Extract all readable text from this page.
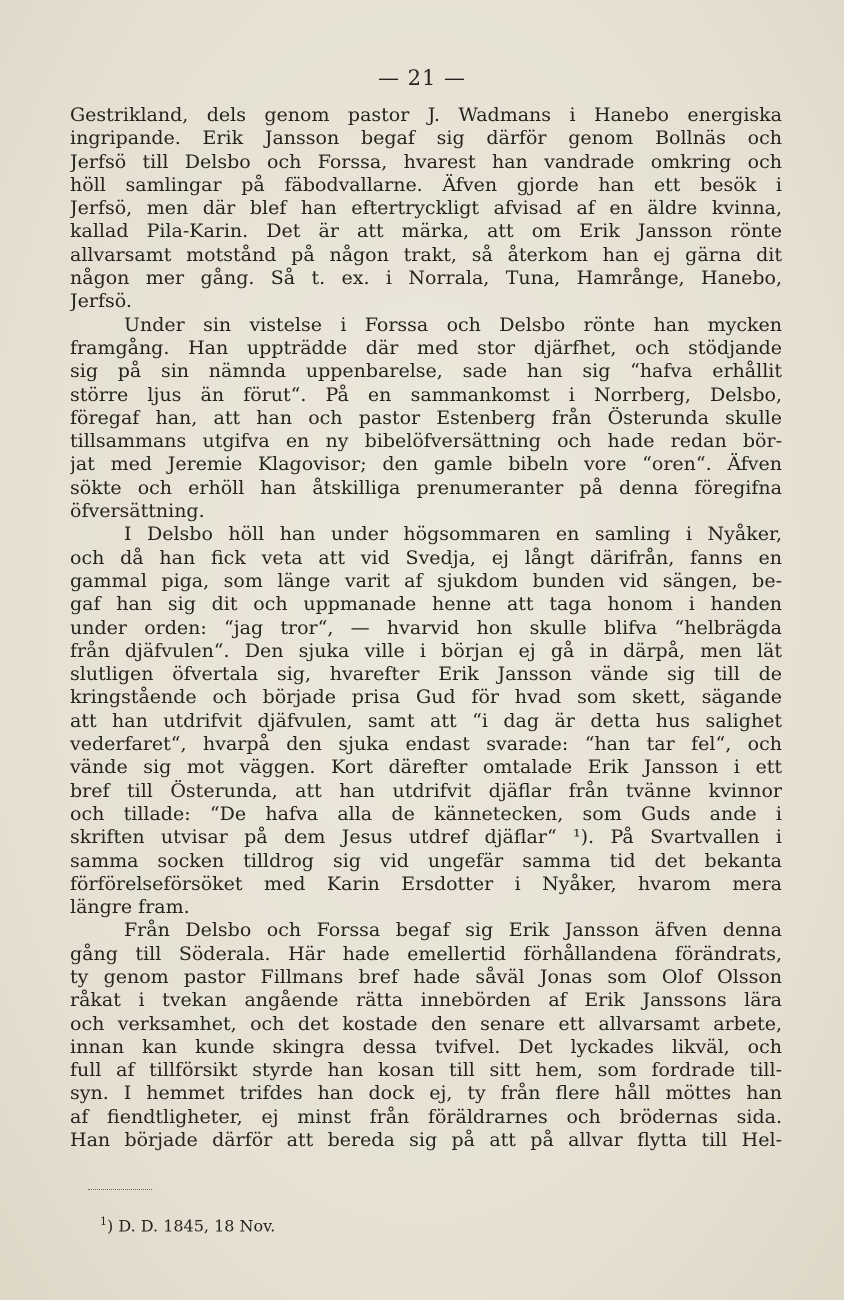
— 21 —
Gestrikland, dels genom pastor J. Wadmans i Hanebo energiska
ingripande. Erik Jansson begaf sig därför genom Bollnäs och
Jerfsö till Delsbo och Forssa, hvarest han vandrade omkring och
höll samlingar på fäbodvallarne. Äfven gjorde han ett besök i
Jerfsö, men där blef han eftertryckligt afvisad af en äldre kvinna,
kallad Pila-Karin. Det är att märka, att om Erik Jansson rönte
allvarsamt motstånd på någon trakt, så återkom han ej gärna dit
någon mer gång. Så t. ex. i Norrala, Tuna, Hamrånge, Hanebo,
Jerfsö.
Under sin vistelse i Forssa och Delsbo rönte han mycken
framgång. Han uppträdde där med stor djärfhet, och stödjande
sig på sin nämnda uppenbarelse, sade han sig “hafva erhållit
större ljus än förut“. På en sammankomst i Norrberg, Delsbo,
föregaf han, att han och pastor Estenberg från Österunda skulle
tillsammans utgifva en ny bibelöfversättning och hade redan bör-
jat med Jeremie Klagovisor; den gamle bibeln vore “oren“. Äfven
sökte och erhöll han åtskilliga prenumeranter på denna föregifna
öfversättning.
I Delsbo höll han under högsommaren en samling i Nyåker,
och då han fick veta att vid Svedja, ej långt därifrån, fanns en
gammal piga, som länge varit af sjukdom bunden vid sängen, be-
gaf han sig dit och uppmanade henne att taga honom i handen
under orden: “jag tror“, — hvarvid hon skulle blifva “helbrägda
från djäfvulen“. Den sjuka ville i början ej gå in därpå, men lät
slutligen öfvertala sig, hvarefter Erik Jansson vände sig till de
kringstående och började prisa Gud för hvad som skett, sägande
att han utdrifvit djäfvulen, samt att “i dag är detta hus salighet
vederfaret“, hvarpå den sjuka endast svarade: “han tar fel“, och
vände sig mot väggen. Kort därefter omtalade Erik Jansson i ett
bref till Österunda, att han utdrifvit djäflar från tvänne kvinnor
och tillade: “De hafva alla de kännetecken, som Guds ande i
skriften utvisar på dem Jesus utdref djäflar“ ¹). På Svartvallen i
samma socken tilldrog sig vid ungefär samma tid det bekanta
förförelseförsöket med Karin Ersdotter i Nyåker, hvarom mera
längre fram.
Från Delsbo och Forssa begaf sig Erik Jansson äfven denna
gång till Söderala. Här hade emellertid förhållandena förändrats,
ty genom pastor Fillmans bref hade såväl Jonas som Olof Olsson
råkat i tvekan angående rätta innebörden af Erik Janssons lära
och verksamhet, och det kostade den senare ett allvarsamt arbete,
innan kan kunde skingra dessa tvifvel. Det lyckades likväl, och
full af tillförsikt styrde han kosan till sitt hem, som fordrade till-
syn. I hemmet trifdes han dock ej, ty från flere håll möttes han
af fiendtligheter, ej minst från föräldrarnes och brödernas sida.
Han började därför att bereda sig på att på allvar flytta till Hel-
$^1$) D. D. 1845, 18 Nov.
